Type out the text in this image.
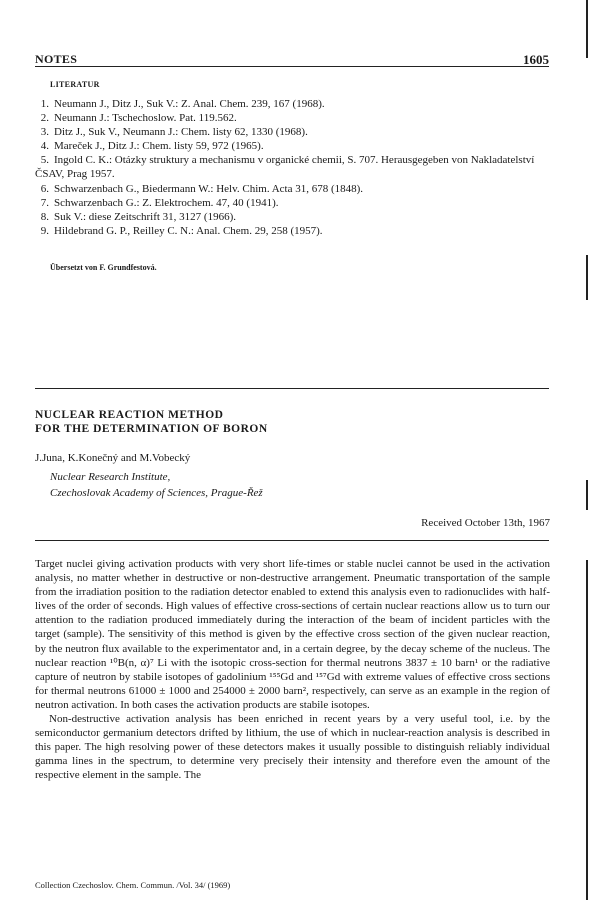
NOTES	1605
LITERATUR
1. Neumann J., Ditz J., Suk V.: Z. Anal. Chem. 239, 167 (1968).
2. Neumann J.: Tschechoslow. Pat. 119.562.
3. Ditz J., Suk V., Neumann J.: Chem. listy 62, 1330 (1968).
4. Mareček J., Ditz J.: Chem. listy 59, 972 (1965).
5. Ingold C. K.: Otázky struktury a mechanismu v organické chemii, S. 707. Herausgegeben von Nakladatelství ČSAV, Prag 1957.
6. Schwarzenbach G., Biedermann W.: Helv. Chim. Acta 31, 678 (1848).
7. Schwarzenbach G.: Z. Elektrochem. 47, 40 (1941).
8. Suk V.: diese Zeitschrift 31, 3127 (1966).
9. Hildebrand G. P., Reilley C. N.: Anal. Chem. 29, 258 (1957).
Übersetzt von F. Grundfestová.
NUCLEAR REACTION METHOD
FOR THE DETERMINATION OF BORON
J.Juna, K.Konečný and M.Vobecký
Nuclear Research Institute,
Czechoslovak Academy of Sciences, Prague-Řež
Received October 13th, 1967

Target nuclei giving activation products with very short life-times or stable nuclei cannot be used in the activation analysis, no matter whether in destructive or non-destructive arrangement. Pneumatic transportation of the sample from the irradiation position to the radiation detector enabled to extend this analysis even to radionuclides with half-lives of the order of seconds. High values of effective cross-sections of certain nuclear reactions allow us to turn our attention to the radiation produced immediately during the interaction of the beam of incident particles with the target (sample). The sensitivity of this method is given by the effective cross section of the given nuclear reaction, by the neutron flux available to the experimentator and, in a certain degree, by the decay scheme of the nucleus. The nuclear reaction ¹⁰B(n, α)⁷ Li with the isotopic cross-section for thermal neutrons 3837 ± 10 barn¹ or the radiative capture of neutron by stabile isotopes of gadolinium ¹⁵⁵Gd and ¹⁵⁷Gd with extreme values of effective cross sections for thermal neutrons 61000 ± 1000 and 254000 ± 2000 barn², respectively, can serve as an example in the region of neutron activation. In both cases the activation products are stabile isotopes.

Non-destructive activation analysis has been enriched in recent years by a very useful tool, i.e. by the semiconductor germanium detectors drifted by lithium, the use of which in nuclear-reaction analysis is described in this paper. The high resolving power of these detectors makes it usually possible to distinguish reliably individual gamma lines in the spectrum, to determine very precisely their intensity and therefore even the amount of the respective element in the sample. The

Collection Czechoslov. Chem. Commun. /Vol. 34/ (1969)
